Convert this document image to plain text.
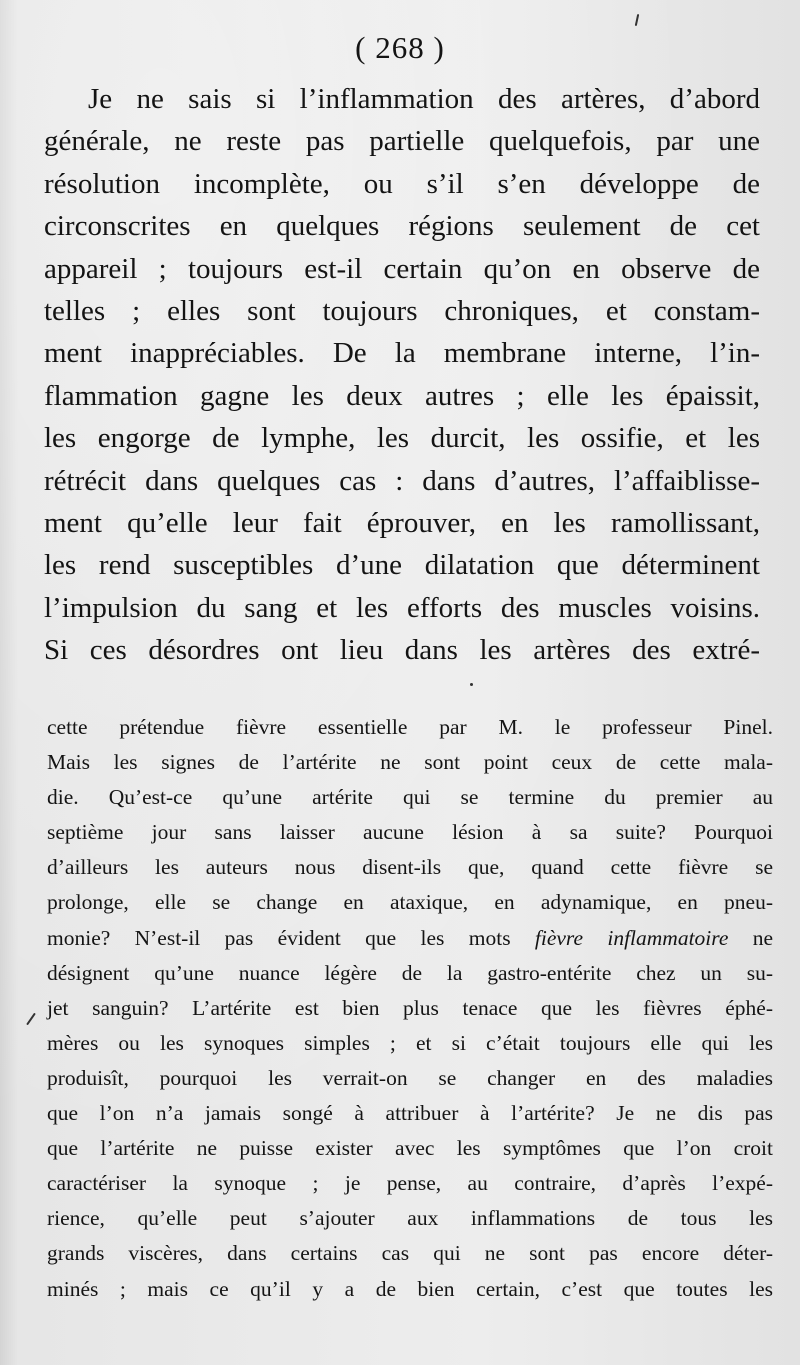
( 268 )
Je ne sais si l’inflammation des artères, d’abord
générale, ne reste pas partielle quelquefois, par une
résolution incomplète, ou s’il s’en développe de
circonscrites en quelques régions seulement de cet
appareil ; toujours est-il certain qu’on en observe de
telles ; elles sont toujours chroniques, et constam-
ment inappréciables. De la membrane interne, l’in-
flammation gagne les deux autres ; elle les épaissit,
les engorge de lymphe, les durcit, les ossifie, et les
rétrécit dans quelques cas : dans d’autres, l’affaiblisse-
ment qu’elle leur fait éprouver, en les ramollissant,
les rend susceptibles d’une dilatation que déterminent
l’impulsion du sang et les efforts des muscles voisins.
Si ces désordres ont lieu dans les artères des extré-
cette prétendue fièvre essentielle par M. le professeur Pinel.
Mais les signes de l’artérite ne sont point ceux de cette mala-
die. Qu’est-ce qu’une artérite qui se termine du premier au
septième jour sans laisser aucune lésion à sa suite? Pourquoi
d’ailleurs les auteurs nous disent-ils que, quand cette fièvre se
prolonge, elle se change en ataxique, en adynamique, en pneu-
monie? N’est-il pas évident que les mots fièvre inflammatoire ne
désignent qu’une nuance légère de la gastro-entérite chez un su-
jet sanguin? L’artérite est bien plus tenace que les fièvres éphé-
mères ou les synoques simples ; et si c’était toujours elle qui les
produisît, pourquoi les verrait-on se changer en des maladies
que l’on n’a jamais songé à attribuer à l’artérite? Je ne dis pas
que l’artérite ne puisse exister avec les symptômes que l’on croit
caractériser la synoque ; je pense, au contraire, d’après l’expé-
rience, qu’elle peut s’ajouter aux inflammations de tous les
grands viscères, dans certains cas qui ne sont pas encore déter-
minés ; mais ce qu’il y a de bien certain, c’est que toutes les
